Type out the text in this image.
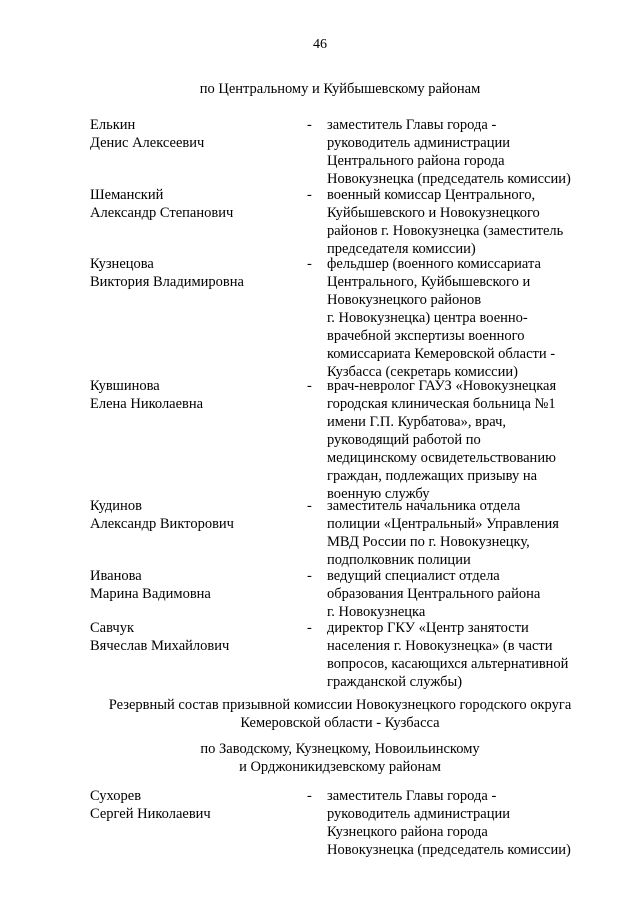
46
по Центральному и Куйбышевскому районам
Елькин
Денис Алексеевич
- заместитель Главы города -
руководитель администрации
Центрального района города
Новокузнецка (председатель комиссии)
Шеманский
Александр Степанович
- военный комиссар Центрального,
Куйбышевского и Новокузнецкого
районов г. Новокузнецка (заместитель
председателя комиссии)
Кузнецова
Виктория Владимировна
- фельдшер (военного комиссариата
Центрального, Куйбышевского и
Новокузнецкого районов
г. Новокузнецка) центра военно-
врачебной экспертизы военного
комиссариата Кемеровской области -
Кузбасса (секретарь комиссии)
Кувшинова
Елена Николаевна
- врач-невролог ГАУЗ «Новокузнецкая
городская клиническая больница №1
имени Г.П. Курбатова», врач,
руководящий работой по
медицинскому освидетельствованию
граждан, подлежащих призыву на
военную службу
Кудинов
Александр Викторович
- заместитель начальника отдела
полиции «Центральный» Управления
МВД России по г. Новокузнецку,
подполковник полиции
Иванова
Марина Вадимовна
- ведущий специалист отдела
образования Центрального района
г. Новокузнецка
Савчук
Вячеслав Михайлович
- директор ГКУ «Центр занятости
населения г. Новокузнецка» (в части
вопросов, касающихся альтернативной
гражданской службы)
Резервный состав призывной комиссии Новокузнецкого городского округа
Кемеровской области - Кузбасса
по Заводскому, Кузнецкому, Новоильинскому
и Орджоникидзевскому районам
Сухорев
Сергей Николаевич
- заместитель Главы города -
руководитель администрации
Кузнецкого района города
Новокузнецка (председатель комиссии)
